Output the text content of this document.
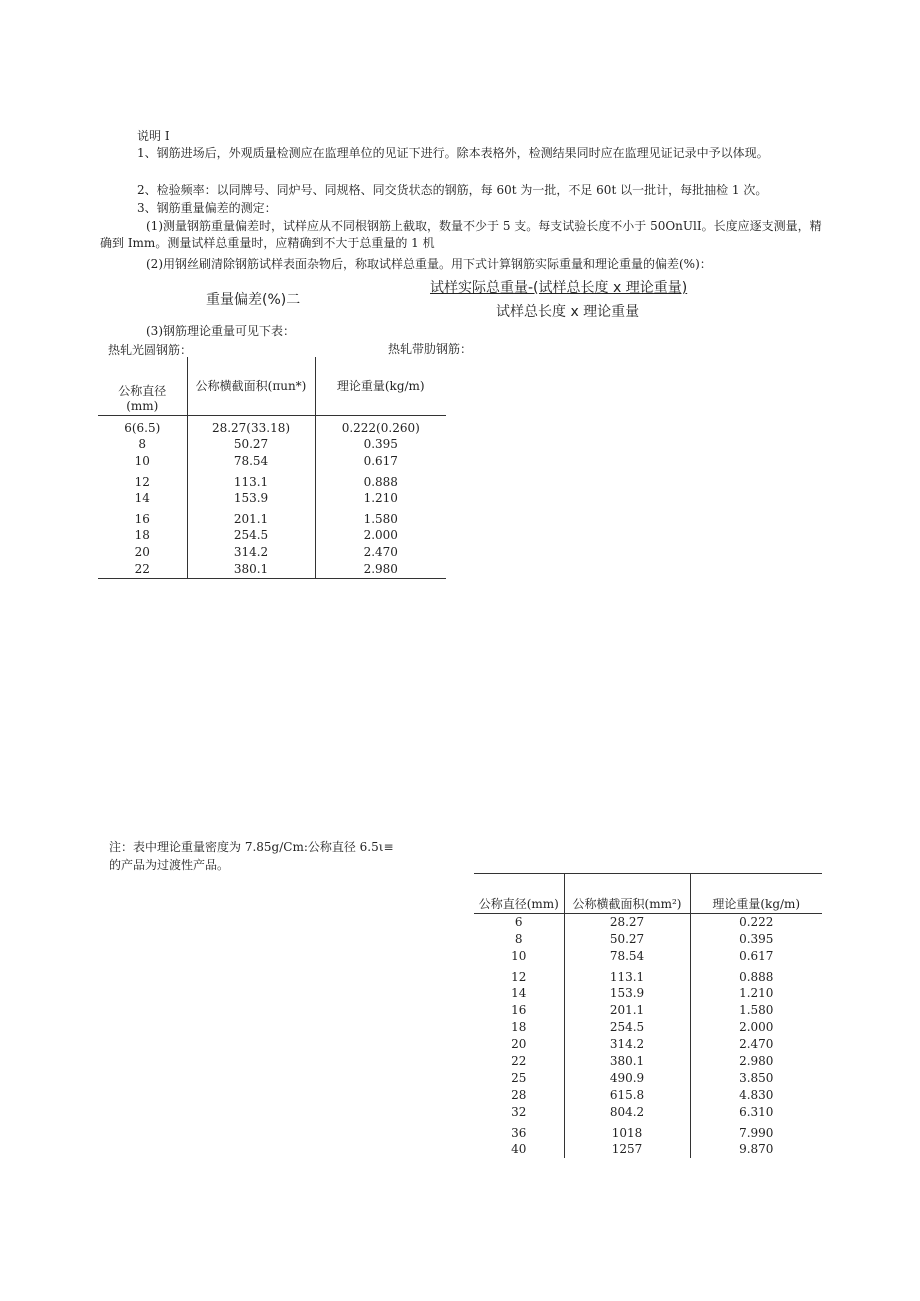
说明 I
1、钢筋进场后，外观质量检测应在监理单位的见证下进行。除本表格外，检测结果同时应在监理见证记录中予以体现。
2、检验频率：以同牌号、同炉号、同规格、同交货状态的钢筋，每 60t 为一批，不足 60t 以一批计，每批抽检 1 次。
3、钢筋重量偏差的测定：
(1)测量钢筋重量偏差时，试样应从不同根钢筋上截取，数量不少于 5 支。每支试验长度不小于 50OnUlI。长度应逐支测量，精确到 Imm。测量试样总重量时，应精确到不大于总重量的 1 机
(2)用钢丝刷清除钢筋试样表面杂物后，称取试样总重量。用下式计算钢筋实际重量和理论重量的偏差(%)：
重量偏差(%)二
试样实际总重量-(试样总长度 x 理论重量)
试样总长度 x 理论重量
(3)钢筋理论重量可见下表：
热轧光圆钢筋：	热轧带肋钢筋：
公称直径(mm)	公称横截面积(πun*)	理论重量(kg∕m)
6(6.5)	28.27(33.18)	0.222(0.260)
8	50.27	0.395
10	78.54	0.617
12	113.1	0.888
14	153.9	1.210
16	201.1	1.580
18	254.5	2.000
20	314.2	2.470
22	380.1	2.980
注：表中理论重量密度为 7.85g∕Cm:公称直径 6.5ι≡
的产品为过渡性产品。
公称直径(mm)	公称横截面积(mm²)	理论重量(kg∕m)
6	28.27	0.222
8	50.27	0.395
10	78.54	0.617
12	113.1	0.888
14	153.9	1.210
16	201.1	1.580
18	254.5	2.000
20	314.2	2.470
22	380.1	2.980
25	490.9	3.850
28	615.8	4.830
32	804.2	6.310
36	1018	7.990
40	1257	9.870
